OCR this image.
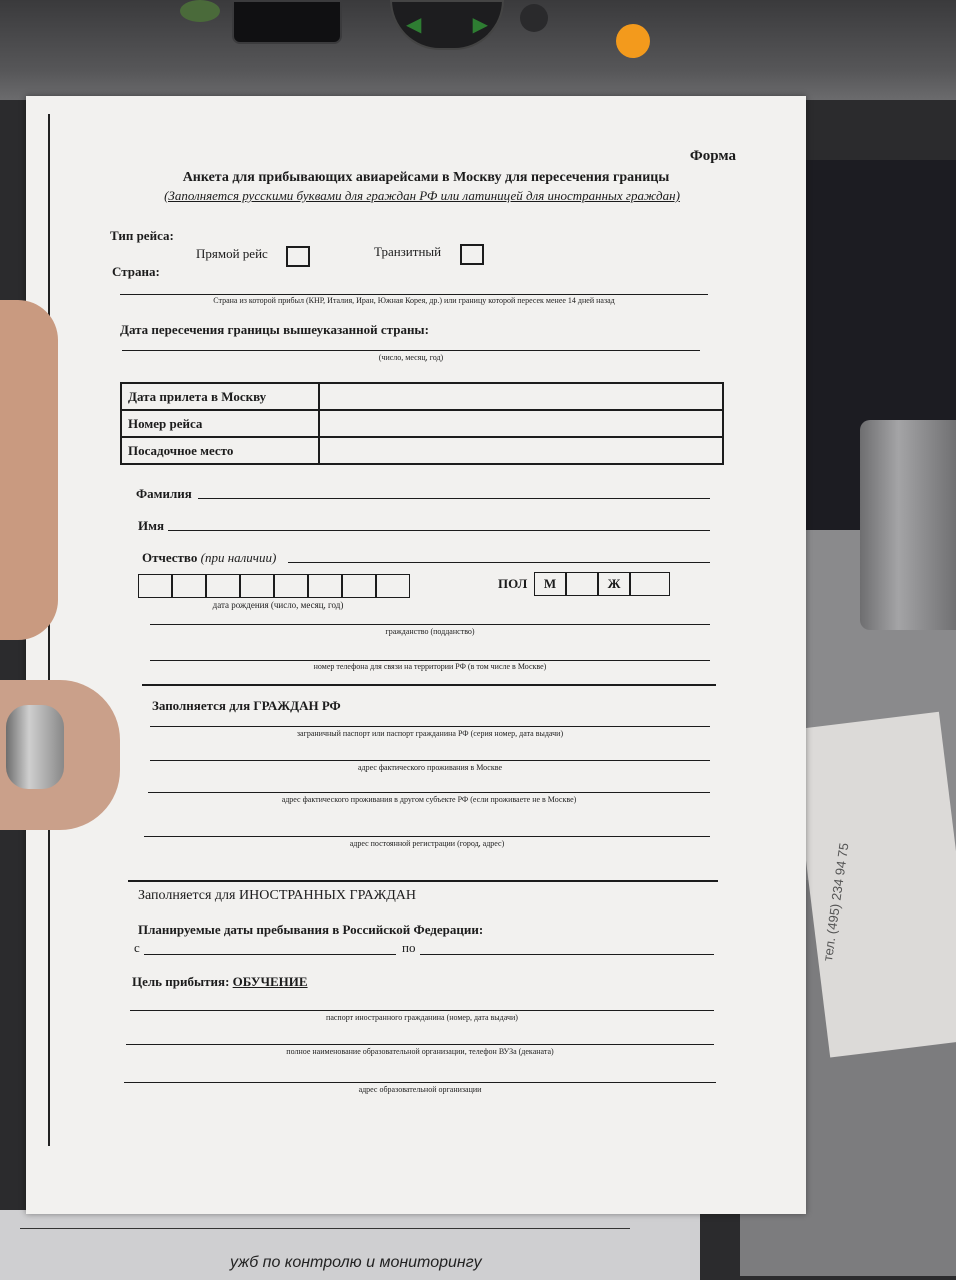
◀	▶
тел. (495) 234 94 75
ужб по контролю и мониторингу
Форма
Анкета для прибывающих авиарейсами в Москву для пересечения границы
(Заполняется русскими буквами для граждан РФ или латиницей для иностранных граждан)
Тип рейса:
Прямой рейс	Транзитный
Страна:
Страна из которой прибыл (КНР, Италия, Иран, Южная Корея, др.) или границу которой пересек менее 14 дней назад
Дата пересечения границы вышеуказанной страны:
(число, месяц, год)
Дата прилета в Москву	
Номер рейса	
Посадочное место	
Фамилия
Имя
Отчество (при наличии)
дата рождения (число, месяц, год)
ПОЛ	М	Ж
гражданство (подданство)
номер телефона для связи на территории РФ (в том числе в Москве)
Заполняется для ГРАЖДАН РФ
заграничный паспорт или паспорт гражданина РФ (серия номер, дата выдачи)
адрес фактического проживания в Москве
адрес фактического проживания в другом субъекте РФ (если проживаете не в Москве)
адрес постоянной регистрации (город, адрес)
Заполняется для ИНОСТРАННЫХ ГРАЖДАН
Планируемые даты пребывания в Российской Федерации:
с	по
Цель прибытия: ОБУЧЕНИЕ
паспорт иностранного гражданина (номер, дата выдачи)
полное наименование образовательной организации, телефон ВУЗа (деканата)
адрес образовательной организации
